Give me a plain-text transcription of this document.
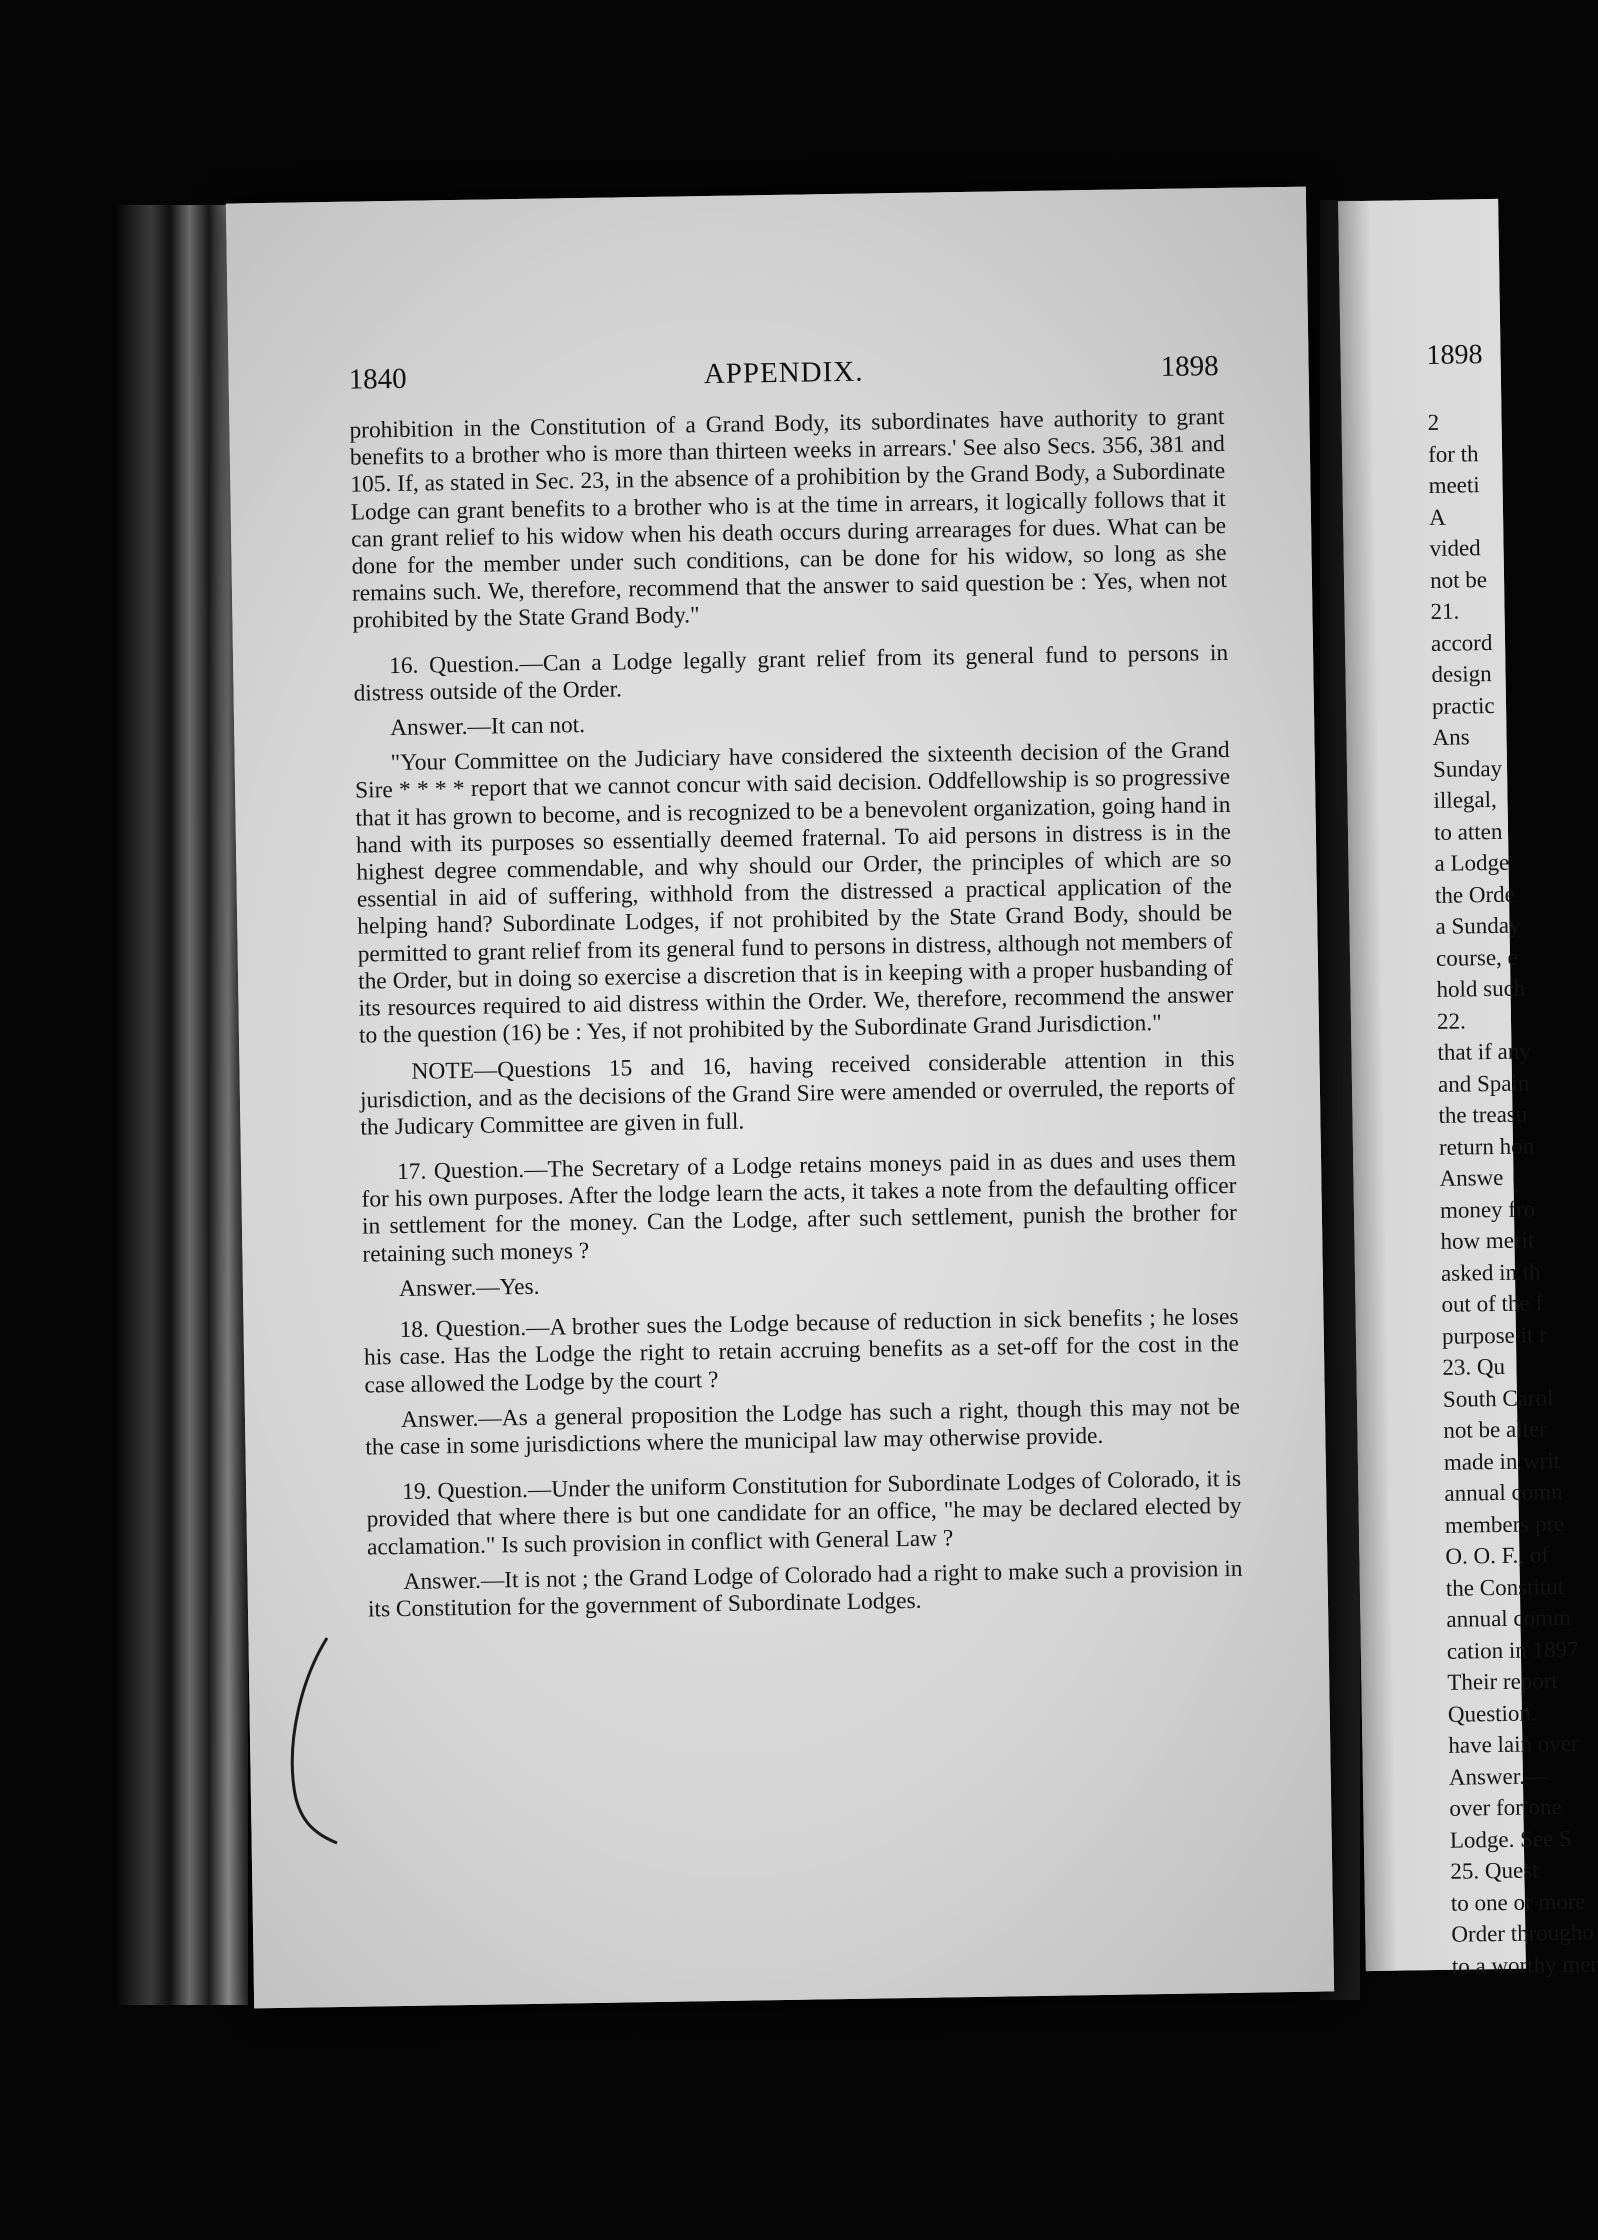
1898
2
for th
meeti
A
vided
not be
21.
accord
design
practic
Ans
Sunday
illegal,
to atten
a Lodge
the Orde
a Sunday
course, e
hold such
22.
that if any
and Spain
the treasu
return hon
Answe
money fro
how merit
asked in th
out of the f
purpose it r
23. Qu
South Carol
not be alter
made in writ
annual comn
members pre
O. O. F., of
the Constitut
annual comm
cation in 1897
Their report
Question.
have lain over
Answer.—
over for one
Lodge. See S
25. Quest
to one or more
Order througho
to a worthy mer
1840	APPENDIX.	1898

prohibition in the Constitution of a Grand Body, its subordinates have authority to grant benefits to a brother who is more than thirteen weeks in arrears.' See also Secs. 356, 381 and 105. If, as stated in Sec. 23, in the absence of a prohibition by the Grand Body, a Subordinate Lodge can grant benefits to a brother who is at the time in arrears, it logically follows that it can grant relief to his widow when his death occurs during arrearages for dues. What can be done for the member under such conditions, can be done for his widow, so long as she remains such. We, therefore, recommend that the answer to said question be : Yes, when not prohibited by the State Grand Body."

16. Question.—Can a Lodge legally grant relief from its general fund to persons in distress outside of the Order.

Answer.—It can not.

"Your Committee on the Judiciary have considered the sixteenth decision of the Grand Sire * * * * report that we cannot concur with said decision. Oddfellowship is so progressive that it has grown to become, and is recognized to be a benevolent organization, going hand in hand with its purposes so essentially deemed fraternal. To aid persons in distress is in the highest degree commendable, and why should our Order, the principles of which are so essential in aid of suffering, withhold from the distressed a practical application of the helping hand? Subordinate Lodges, if not prohibited by the State Grand Body, should be permitted to grant relief from its general fund to persons in distress, although not members of the Order, but in doing so exercise a discretion that is in keeping with a proper husbanding of its resources required to aid distress within the Order. We, therefore, recommend the answer to the question (16) be : Yes, if not prohibited by the Subordinate Grand Jurisdiction."

NOTE—Questions 15 and 16, having received considerable attention in this jurisdiction, and as the decisions of the Grand Sire were amended or overruled, the reports of the Judicary Committee are given in full.

17. Question.—The Secretary of a Lodge retains moneys paid in as dues and uses them for his own purposes. After the lodge learn the acts, it takes a note from the defaulting officer in settlement for the money. Can the Lodge, after such settlement, punish the brother for retaining such moneys ?

Answer.—Yes.

18. Question.—A brother sues the Lodge because of reduction in sick benefits ; he loses his case. Has the Lodge the right to retain accruing benefits as a set-off for the cost in the case allowed the Lodge by the court ?

Answer.—As a general proposition the Lodge has such a right, though this may not be the case in some jurisdictions where the municipal law may otherwise provide.

19. Question.—Under the uniform Constitution for Subordinate Lodges of Colorado, it is provided that where there is but one candidate for an office, "he may be declared elected by acclamation." Is such provision in conflict with General Law ?

Answer.—It is not ; the Grand Lodge of Colorado had a right to make such a provision in its Constitution for the government of Subordinate Lodges.
